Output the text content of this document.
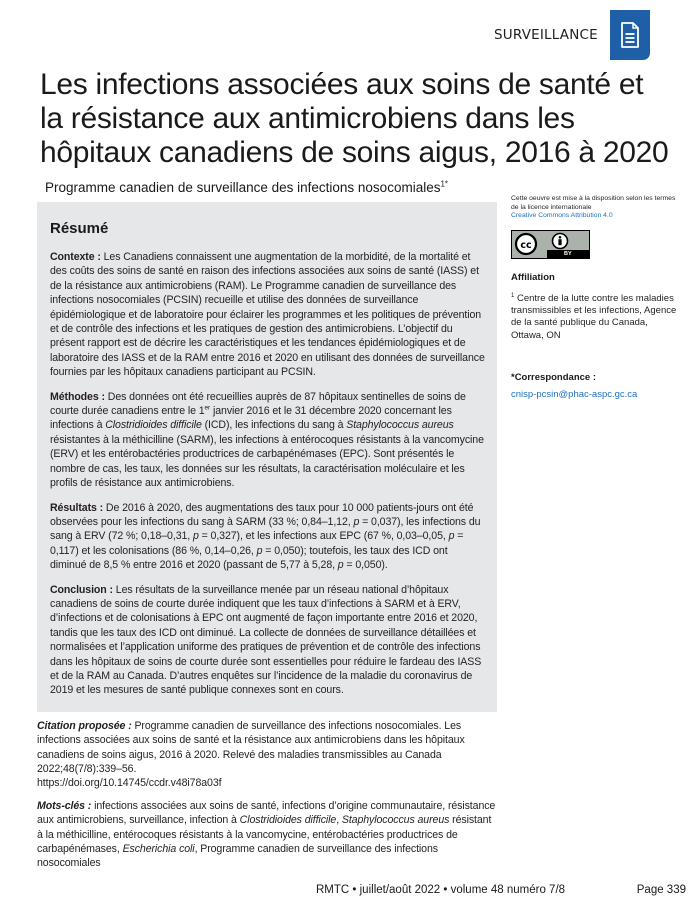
SURVEILLANCE
Les infections associées aux soins de santé et la résistance aux antimicrobiens dans les hôpitaux canadiens de soins aigus, 2016 à 2020
Programme canadien de surveillance des infections nosocomiales$^{1*}$
Résumé

Contexte : Les Canadiens connaissent une augmentation de la morbidité, de la mortalité et des coûts des soins de santé en raison des infections associées aux soins de santé (IASS) et de la résistance aux antimicrobiens (RAM). Le Programme canadien de surveillance des infections nosocomiales (PCSIN) recueille et utilise des données de surveillance épidémiologique et de laboratoire pour éclairer les programmes et les politiques de prévention et de contrôle des infections et les pratiques de gestion des antimicrobiens. L’objectif du présent rapport est de décrire les caractéristiques et les tendances épidémiologiques et de laboratoire des IASS et de la RAM entre 2016 et 2020 en utilisant des données de surveillance fournies par les hôpitaux canadiens participant au PCSIN.

Méthodes : Des données ont été recueillies auprès de 87 hôpitaux sentinelles de soins de courte durée canadiens entre le 1er janvier 2016 et le 31 décembre 2020 concernant les infections à Clostridioides difficile (ICD), les infections du sang à Staphylococcus aureus résistantes à la méthicilline (SARM), les infections à entérocoques résistants à la vancomycine (ERV) et les entérobactéries productrices de carbapénémases (EPC). Sont présentés le nombre de cas, les taux, les données sur les résultats, la caractérisation moléculaire et les profils de résistance aux antimicrobiens.

Résultats : De 2016 à 2020, des augmentations des taux pour 10 000 patients-jours ont été observées pour les infections du sang à SARM (33 %; 0,84–1,12, p = 0,037), les infections du sang à ERV (72 %; 0,18–0,31, p = 0,327), et les infections aux EPC (67 %, 0,03–0,05, p = 0,117) et les colonisations (86 %, 0,14–0,26, p = 0,050); toutefois, les taux des ICD ont diminué de 8,5 % entre 2016 et 2020 (passant de 5,77 à 5,28, p = 0,050).

Conclusion : Les résultats de la surveillance menée par un réseau national d’hôpitaux canadiens de soins de courte durée indiquent que les taux d’infections à SARM et à ERV, d’infections et de colonisations à EPC ont augmenté de façon importante entre 2016 et 2020, tandis que les taux des ICD ont diminué. La collecte de données de surveillance détaillées et normalisées et l’application uniforme des pratiques de prévention et de contrôle des infections dans les hôpitaux de soins de courte durée sont essentielles pour réduire le fardeau des IASS et de la RAM au Canada. D’autres enquêtes sur l’incidence de la maladie du coronavirus de 2019 et les mesures de santé publique connexes sont en cours.

Citation proposée : Programme canadien de surveillance des infections nosocomiales. Les infections associées aux soins de santé et la résistance aux antimicrobiens dans les hôpitaux canadiens de soins aigus, 2016 à 2020. Relevé des maladies transmissibles au Canada 2022;48(7/8):339–56.
https://doi.org/10.14745/ccdr.v48i78a03f

Mots-clés : infections associées aux soins de santé, infections d’origine communautaire, résistance aux antimicrobiens, surveillance, infection à Clostridioides difficile, Staphylococcus aureus résistant à la méthicilline, entérocoques résistants à la vancomycine, entérobactéries productrices de carbapénémases, Escherichia coli, Programme canadien de surveillance des infections nosocomiales

Cette oeuvre est mise à la disposition selon les termes de la licence internationale
Creative Commons Attribution 4.0
cc
BY
Affiliation
$^1$ Centre de la lutte contre les maladies transmissibles et les infections, Agence de la santé publique du Canada, Ottawa, ON
*Correspondance :
cnisp-pcsin@phac-aspc.gc.ca
RMTC • juillet/août 2022 • volume 48 numéro 7/8	Page 339
